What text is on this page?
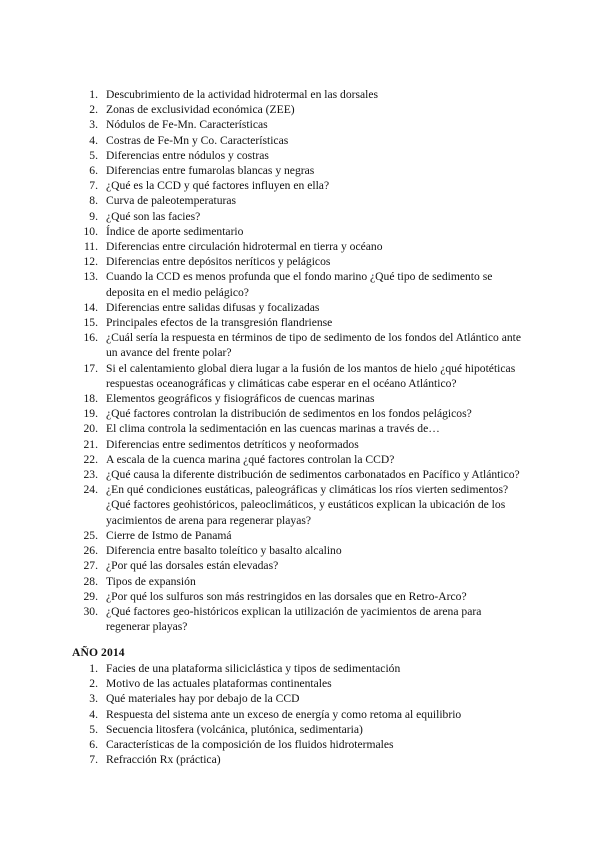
1. Descubrimiento de la actividad hidrotermal en las dorsales
2. Zonas de exclusividad económica (ZEE)
3. Nódulos de Fe-Mn. Características
4. Costras de Fe-Mn y Co. Características
5. Diferencias entre nódulos y costras
6. Diferencias entre fumarolas blancas y negras
7. ¿Qué es la CCD y qué factores influyen en ella?
8. Curva de paleotemperaturas
9. ¿Qué son las facies?
10. Índice de aporte sedimentario
11. Diferencias entre circulación hidrotermal en tierra y océano
12. Diferencias entre depósitos neríticos y pelágicos
13. Cuando la CCD es menos profunda que el fondo marino ¿Qué tipo de sedimento se deposita en el medio pelágico?
14. Diferencias entre salidas difusas y focalizadas
15. Principales efectos de la transgresión flandriense
16. ¿Cuál sería la respuesta en términos de tipo de sedimento de los fondos del Atlántico ante un avance del frente polar?
17. Si el calentamiento global diera lugar a la fusión de los mantos de hielo ¿qué hipotéticas respuestas oceanográficas y climáticas cabe esperar en el océano Atlántico?
18. Elementos geográficos y fisiográficos de cuencas marinas
19. ¿Qué factores controlan la distribución de sedimentos en los fondos pelágicos?
20. El clima controla la sedimentación en las cuencas marinas a través de…
21. Diferencias entre sedimentos detríticos y neoformados
22. A escala de la cuenca marina ¿qué factores controlan la CCD?
23. ¿Qué causa la diferente distribución de sedimentos carbonatados en Pacífico y Atlántico?
24. ¿En qué condiciones eustáticas, paleográficas y climáticas los ríos vierten sedimentos? ¿Qué factores geohistóricos, paleoclimáticos, y eustáticos explican la ubicación de los yacimientos de arena para regenerar playas?
25. Cierre de Istmo de Panamá
26. Diferencia entre basalto toleítico y basalto alcalino
27. ¿Por qué las dorsales están elevadas?
28. Tipos de expansión
29. ¿Por qué los sulfuros son más restringidos en las dorsales que en Retro-Arco?
30. ¿Qué factores geo-históricos explican la utilización de yacimientos de arena para regenerar playas?
AÑO 2014
1. Facies de una plataforma siliciclástica y tipos de sedimentación
2. Motivo de las actuales plataformas continentales
3. Qué materiales hay por debajo de la CCD
4. Respuesta del sistema ante un exceso de energía y como retoma al equilibrio
5. Secuencia litosfera (volcánica, plutónica, sedimentaria)
6. Características de la composición de los fluidos hidrotermales
7. Refracción Rx (práctica)
